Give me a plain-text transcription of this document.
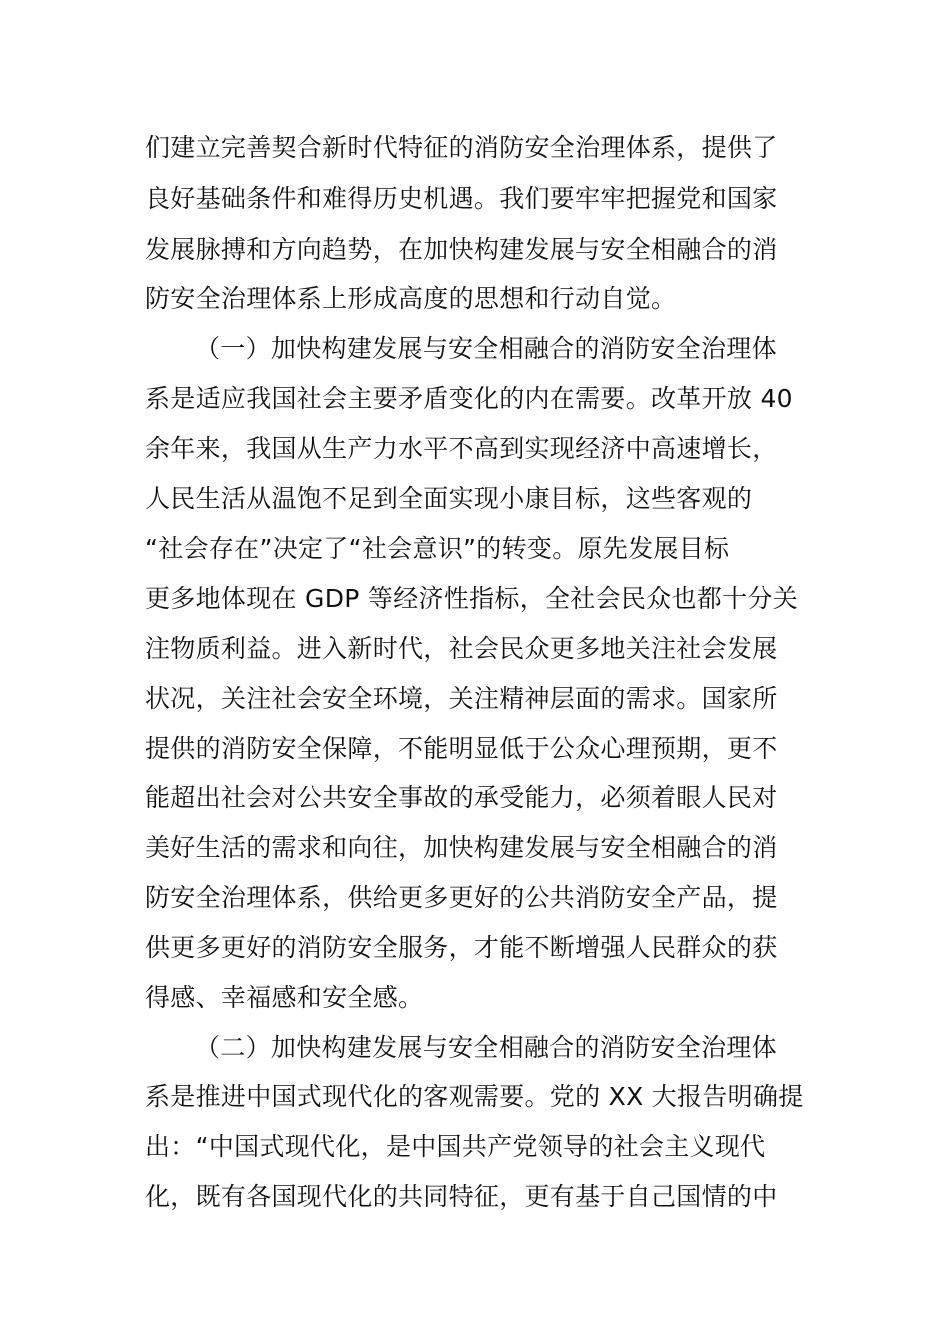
们建立完善契合新时代特征的消防安全治理体系，提供了
良好基础条件和难得历史机遇。我们要牢牢把握党和国家
发展脉搏和方向趋势，在加快构建发展与安全相融合的消
防安全治理体系上形成高度的思想和行动自觉。
（一）加快构建发展与安全相融合的消防安全治理体
系是适应我国社会主要矛盾变化的内在需要。改革开放 40
余年来，我国从生产力水平不高到实现经济中高速增长，
人民生活从温饱不足到全面实现小康目标，这些客观的
“社会存在”决定了“社会意识”的转变。原先发展目标
更多地体现在 GDP 等经济性指标，全社会民众也都十分关
注物质利益。进入新时代，社会民众更多地关注社会发展
状况，关注社会安全环境，关注精神层面的需求。国家所
提供的消防安全保障，不能明显低于公众心理预期，更不
能超出社会对公共安全事故的承受能力，必须着眼人民对
美好生活的需求和向往，加快构建发展与安全相融合的消
防安全治理体系，供给更多更好的公共消防安全产品，提
供更多更好的消防安全服务，才能不断增强人民群众的获
得感、幸福感和安全感。
（二）加快构建发展与安全相融合的消防安全治理体
系是推进中国式现代化的客观需要。党的 XX 大报告明确提
出：“中国式现代化，是中国共产党领导的社会主义现代
化，既有各国现代化的共同特征，更有基于自己国情的中
